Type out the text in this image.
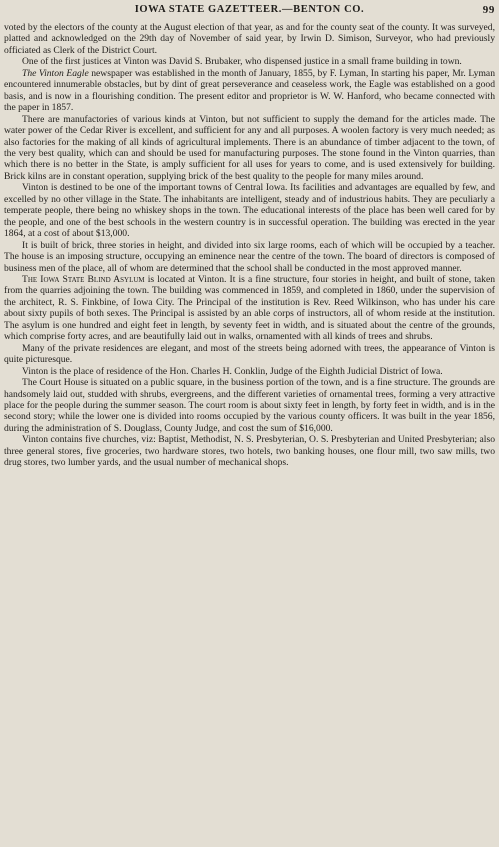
IOWA STATE GAZETTEER.—BENTON CO.	99

voted by the electors of the county at the August election of that year, as and for the county seat of the county. It was surveyed, platted and acknowledged on the 29th day of November of said year, by Irwin D. Simison, Surveyor, who had previously officiated as Clerk of the District Court.

One of the first justices at Vinton was David S. Brubaker, who dispensed justice in a small frame building in town.

The Vinton Eagle newspaper was established in the month of January, 1855, by F. Lyman, In starting his paper, Mr. Lyman encountered innumerable obstacles, but by dint of great perseverance and ceaseless work, the Eagle was established on a good basis, and is now in a flourishing condition. The present editor and proprietor is W. W. Hanford, who became connected with the paper in 1857.

There are manufactories of various kinds at Vinton, but not sufficient to supply the demand for the articles made. The water power of the Cedar River is excellent, and sufficient for any and all purposes. A woolen factory is very much needed; as also factories for the making of all kinds of agricultural implements. There is an abundance of timber adjacent to the town, of the very best quality, which can and should be used for manufacturing purposes. The stone found in the Vinton quarries, than which there is no better in the State, is amply sufficient for all uses for years to come, and is used extensively for building. Brick kilns are in constant operation, supplying brick of the best quality to the people for many miles around.

Vinton is destined to be one of the important towns of Central Iowa. Its facilities and advantages are equalled by few, and excelled by no other village in the State. The inhabitants are intelligent, steady and of industrious habits. They are peculiarly a temperate people, there being no whiskey shops in the town. The educational interests of the place has been well cared for by the people, and one of the best schools in the western country is in successful operation. The building was erected in the year 1864, at a cost of about $13,000.

It is built of brick, three stories in height, and divided into six large rooms, each of which will be occupied by a teacher. The house is an imposing structure, occupying an eminence near the centre of the town. The board of directors is composed of business men of the place, all of whom are determined that the school shall be conducted in the most approved manner.

The Iowa State Blind Asylum is located at Vinton. It is a fine structure, four stories in height, and built of stone, taken from the quarries adjoining the town. The building was commenced in 1859, and completed in 1860, under the supervision of the architect, R. S. Finkbine, of Iowa City. The Principal of the institution is Rev. Reed Wilkinson, who has under his care about sixty pupils of both sexes. The Principal is assisted by an able corps of instructors, all of whom reside at the institution. The asylum is one hundred and eight feet in length, by seventy feet in width, and is situated about the centre of the grounds, which comprise forty acres, and are beautifully laid out in walks, ornamented with all kinds of trees and shrubs.

Many of the private residences are elegant, and most of the streets being adorned with trees, the appearance of Vinton is quite picturesque.

Vinton is the place of residence of the Hon. Charles H. Conklin, Judge of the Eighth Judicial District of Iowa.

The Court House is situated on a public square, in the business portion of the town, and is a fine structure. The grounds are handsomely laid out, studded with shrubs, evergreens, and the different varieties of ornamental trees, forming a very attractive place for the people during the summer season. The court room is about sixty feet in length, by forty feet in width, and is in the second story; while the lower one is divided into rooms occupied by the various county officers. It was built in the year 1856, during the administration of S. Douglass, County Judge, and cost the sum of $16,000.

Vinton contains five churches, viz: Baptist, Methodist, N. S. Presbyterian, O. S. Presbyterian and United Presbyterian; also three general stores, five groceries, two hardware stores, two hotels, two banking houses, one flour mill, two saw mills, two drug stores, two lumber yards, and the usual number of mechanical shops.
